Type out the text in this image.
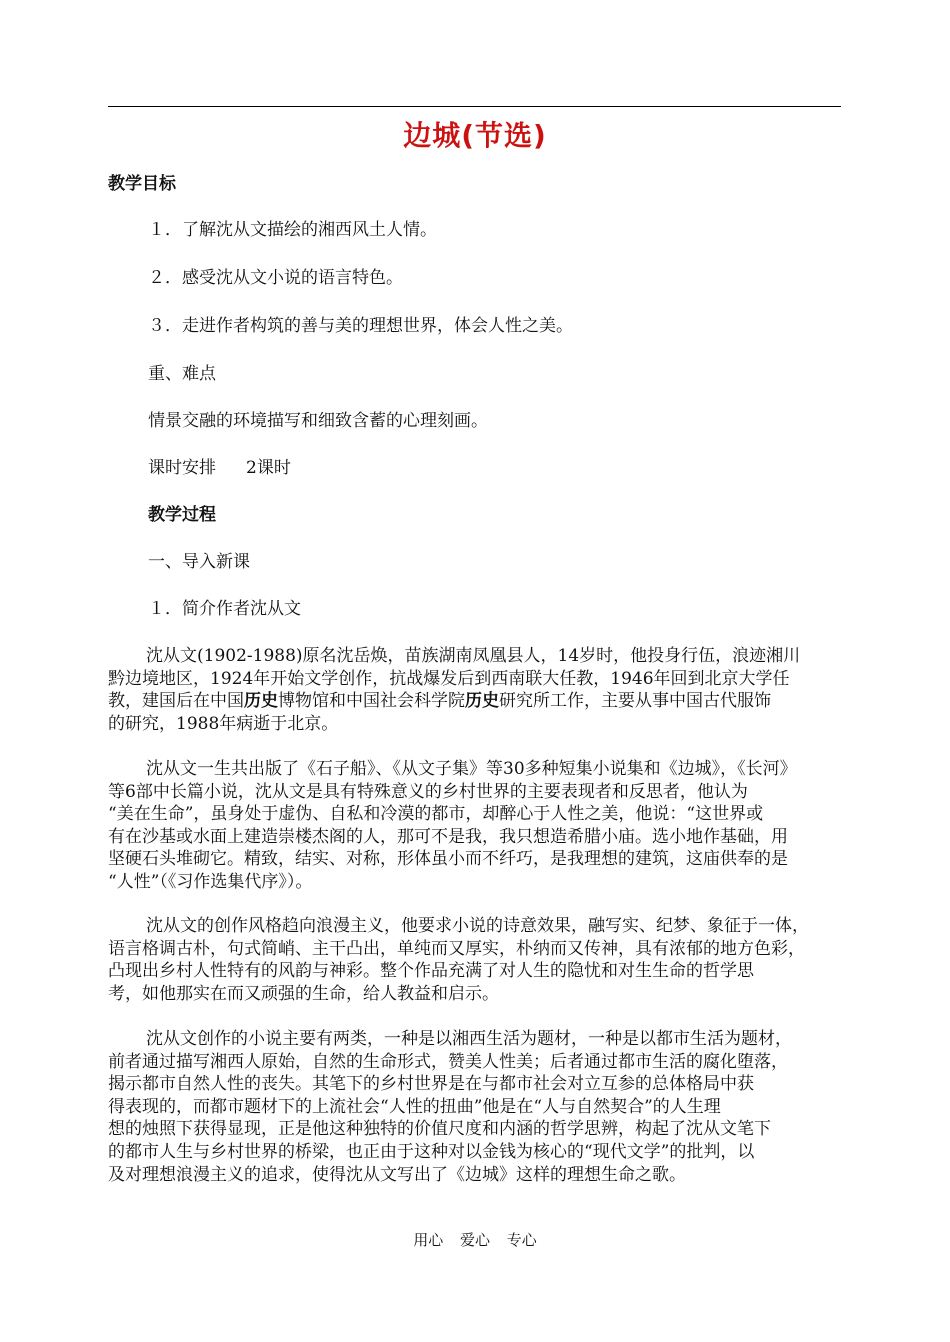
边城(节选)
教学目标
１．了解沈从文描绘的湘西风土人情。
２．感受沈从文小说的语言特色。
３．走进作者构筑的善与美的理想世界，体会人性之美。
重、难点
情景交融的环境描写和细致含蓄的心理刻画。
课时安排 2课时
教学过程
一、导入新课
１．简介作者沈从文
沈从文(1902-1988)原名沈岳焕，苗族湖南凤凰县人，14岁时，他投身行伍，浪迹湘川
黔边境地区，1924年开始文学创作，抗战爆发后到西南联大任教，1946年回到北京大学任
教，建国后在中国历史博物馆和中国社会科学院历史研究所工作，主要从事中国古代服饰
的研究，1988年病逝于北京。
沈从文一生共出版了《石子船》、《从文子集》等30多种短集小说集和《边城》，《长河》
等6部中长篇小说，沈从文是具有特殊意义的乡村世界的主要表现者和反思者，他认为
“美在生命”，虽身处于虚伪、自私和冷漠的都市，却醉心于人性之美，他说：“这世界或
有在沙基或水面上建造崇楼杰阁的人，那可不是我，我只想造希腊小庙。选小地作基础，用
坚硬石头堆砌它。精致，结实、对称，形体虽小而不纤巧，是我理想的建筑，这庙供奉的是
“人性”（《习作选集代序》）。
沈从文的创作风格趋向浪漫主义，他要求小说的诗意效果，融写实、纪梦、象征于一体，
语言格调古朴，句式简峭、主干凸出，单纯而又厚实，朴纳而又传神，具有浓郁的地方色彩，
凸现出乡村人性特有的风韵与神彩。整个作品充满了对人生的隐忧和对生生命的哲学思
考，如他那实在而又顽强的生命，给人教益和启示。
沈从文创作的小说主要有两类，一种是以湘西生活为题材，一种是以都市生活为题材，
前者通过描写湘西人原始，自然的生命形式，赞美人性美；后者通过都市生活的腐化堕落，
揭示都市自然人性的丧失。其笔下的乡村世界是在与都市社会对立互参的总体格局中获
得表现的，而都市题材下的上流社会“人性的扭曲”他是在“人与自然契合”的人生理
想的烛照下获得显现，正是他这种独特的价值尺度和内涵的哲学思辨，构起了沈从文笔下
的都市人生与乡村世界的桥梁，也正由于这种对以金钱为核心的“现代文学”的批判，以
及对理想浪漫主义的追求，使得沈从文写出了《边城》这样的理想生命之歌。
用心 爱心 专心
